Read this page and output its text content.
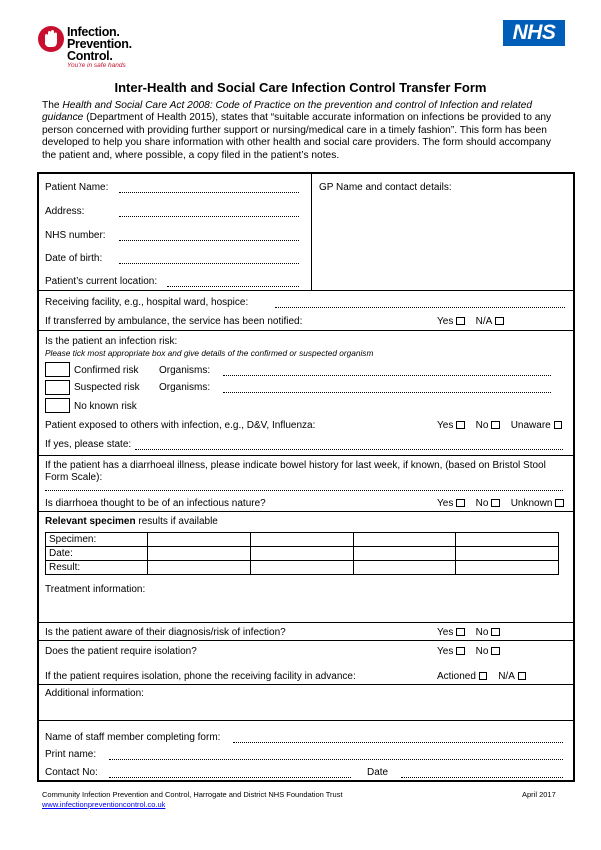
Infection.
Prevention.
Control.
You're in safe hands
NHS
Inter-Health and Social Care Infection Control Transfer Form
The Health and Social Care Act 2008: Code of Practice on the prevention and control of Infection and related guidance (Department of Health 2015), states that “suitable accurate information on infections be provided to any person concerned with providing further support or nursing/medical care in a timely fashion”. This form has been developed to help you share information with other health and social care providers. The form should accompany the patient and, where possible, a copy filed in the patient’s notes.
Patient Name:
Address:
NHS number:
Date of birth:
Patient’s current location:
GP Name and contact details:
Receiving facility, e.g., hospital ward, hospice:
If transferred by ambulance, the service has been notified:	Yes N/A
Is the patient an infection risk:
Please tick most appropriate box and give details of the confirmed or suspected organism
Confirmed risk Organisms:
Suspected risk Organisms:
No known risk
Patient exposed to others with infection, e.g., D&V, Influenza:	Yes No Unaware
If yes, please state:
If the patient has a diarrhoeal illness, please indicate bowel history for last week, if known, (based on Bristol Stool Form Scale):
Is diarrhoea thought to be of an infectious nature?	Yes No Unknown
Relevant specimen results if available
Specimen:				
Date:				
Result:				
Treatment information:
Is the patient aware of their diagnosis/risk of infection?	Yes No
Does the patient require isolation?	Yes No
If the patient requires isolation, phone the receiving facility in advance:	Actioned N/A
Additional information:
Name of staff member completing form:
Print name:
Contact No:	Date
Community Infection Prevention and Control, Harrogate and District NHS Foundation Trust
www.infectionpreventioncontrol.co.uk
April 2017
